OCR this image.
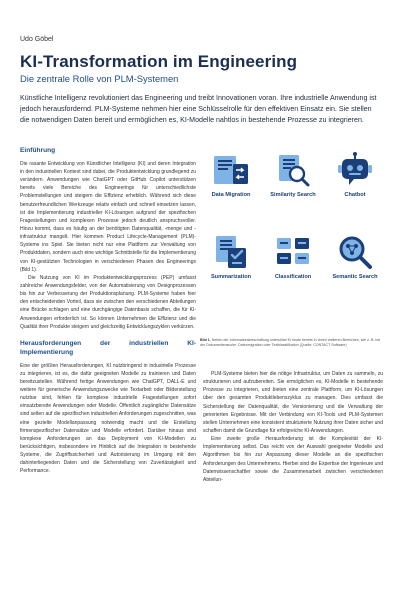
Udo Göbel
KI-Transformation im Engineering
Die zentrale Rolle von PLM-Systemen
Künstliche Intelligenz revolutioniert das Engineering und treibt Innovationen voran. Ihre industrielle Anwendung ist jedoch herausfordernd. PLM-Systeme nehmen hier eine Schlüsselrolle für den effektiven Einsatz ein. Sie stellen die notwendigen Daten bereit und ermöglichen es, KI-Modelle nahtlos in bestehende Prozesse zu integrieren.
Einführung

Die rasante Entwicklung von Künstlicher Intelligenz (KI) und deren Integration in den industriellen Kontext sind dabei, die Produktentwicklung grundlegend zu verändern. Anwendungen wie ChatGPT oder GitHub Copilot unterstützen bereits viele Bereiche des Engineerings für unterschiedlichste Problemstellungen und steigern die Effizienz erheblich. Während sich diese benutzerfreundlichen Werkzeuge relativ einfach und schnell einsetzen lassen, ist die Implementierung industrieller KI-Lösungen aufgrund der spezifischen Fragestellungen und komplexen Prozesse jedoch deutlich anspruchsvoller. Hinzu kommt, dass es häufig an der benötigten Datenqualität, -menge und -infrastruktur mangelt. Hier kommen Product Lifecycle-Management (PLM)-Systeme ins Spiel. Sie bieten nicht nur eine Plattform zur Verwaltung von Produktdaten, sondern auch eine wichtige Schnittstelle für die Implementierung von KI-gestützten Technologien in verschiedenen Phasen des Engineerings (Bild 1).

Die Nutzung von KI im Produktentwicklungsprozess (PEP) umfasst zahlreiche Anwendungsfelder, von der Automatisierung von Designprozessen bis hin zur Verbesserung der Produktionsplanung. PLM-Systeme haben hier den entscheidenden Vorteil, dass sie zwischen den verschiedenen Abteilungen eine Brücke schlagen und eine durchgängige Datenbasis schaffen, die für KI-Anwendungen erforderlich ist. So können Unternehmen die Effizienz und die Qualität ihrer Produkte steigern und gleichzeitig Entwicklungszyklen verkürzen.

Herausforderungen der industriellen KI-Implementierung

Eine der größten Herausforderungen, KI nutzbringend in industrielle Prozesse zu integrieren, ist es, die dafür geeigneten Modelle zu trainieren und Daten bereitzustellen. Während fertige Anwendungen wie ChatGPT, DALL-E und weitere für generische Anwendungszwecke wie Textarbeit oder Bilderstellung nutzbar sind, fehlen für komplexe industrielle Fragestellungen sofort einsatzbereite Anwendungen oder Modelle. Öffentlich zugängliche Datensätze sind selten auf die spezifischen industriellen Anforderungen zugeschnitten, was eine gezielte Modellanpassung notwendig macht und die Erstellung firmenspezifischer Datensätze und Modelle erfordert. Darüber hinaus sind komplexe Anforderungen an das Deployment von KI-Modellen zu berücksichtigen, insbesondere im Hinblick auf die Integration in bestehende Systeme, die Zugriffssicherheit und Autorisierung im Umgang mit den dahinterliegenden Daten und die Sicherstellung von Zuverlässigkeit und Performance.

Data Migration	Similarity Search	Chatbot
Summarization	Classification	Semantic Search
Bild 1. Neben der Informationsbeschaffung unterstützt KI heute bereits in vielen weiteren Bereichen, wie z. B. bei der Dokumentensuche, Datenmigration oder Textklassifikation (Quelle: CONTACT Software)

PLM-Systeme bieten hier die nötige Infrastruktur, um Daten zu sammeln, zu strukturieren und aufzubereiten. Sie ermöglichen es, KI-Modelle in bestehende Prozesse zu integrieren, und bieten eine zentrale Plattform, um KI-Lösungen über den gesamten Produktlebenszyklus zu managen. Dies umfasst die Sicherstellung der Datenqualität, die Versionierung und die Verwaltung der generierten Ergebnisse. Mit der Verbindung von KI-Tools und PLM-Systemen stellen Unternehmen eine konsistent strukturierte Nutzung ihrer Daten sicher und schaffen damit die Grundlage für erfolgreiche KI-Anwendungen.

Eine zweite große Herausforderung ist die Komplexität der KI-Implementierung selbst. Das reicht von der Auswahl geeigneter Modelle und Algorithmen bis hin zur Anpassung dieser Modelle an die spezifischen Anforderungen des Unternehmens. Hierbei sind die Expertise der Ingenieure und Datenwissenschaftler sowie die Zusammenarbeit zwischen verschiedenen Abteilun-
